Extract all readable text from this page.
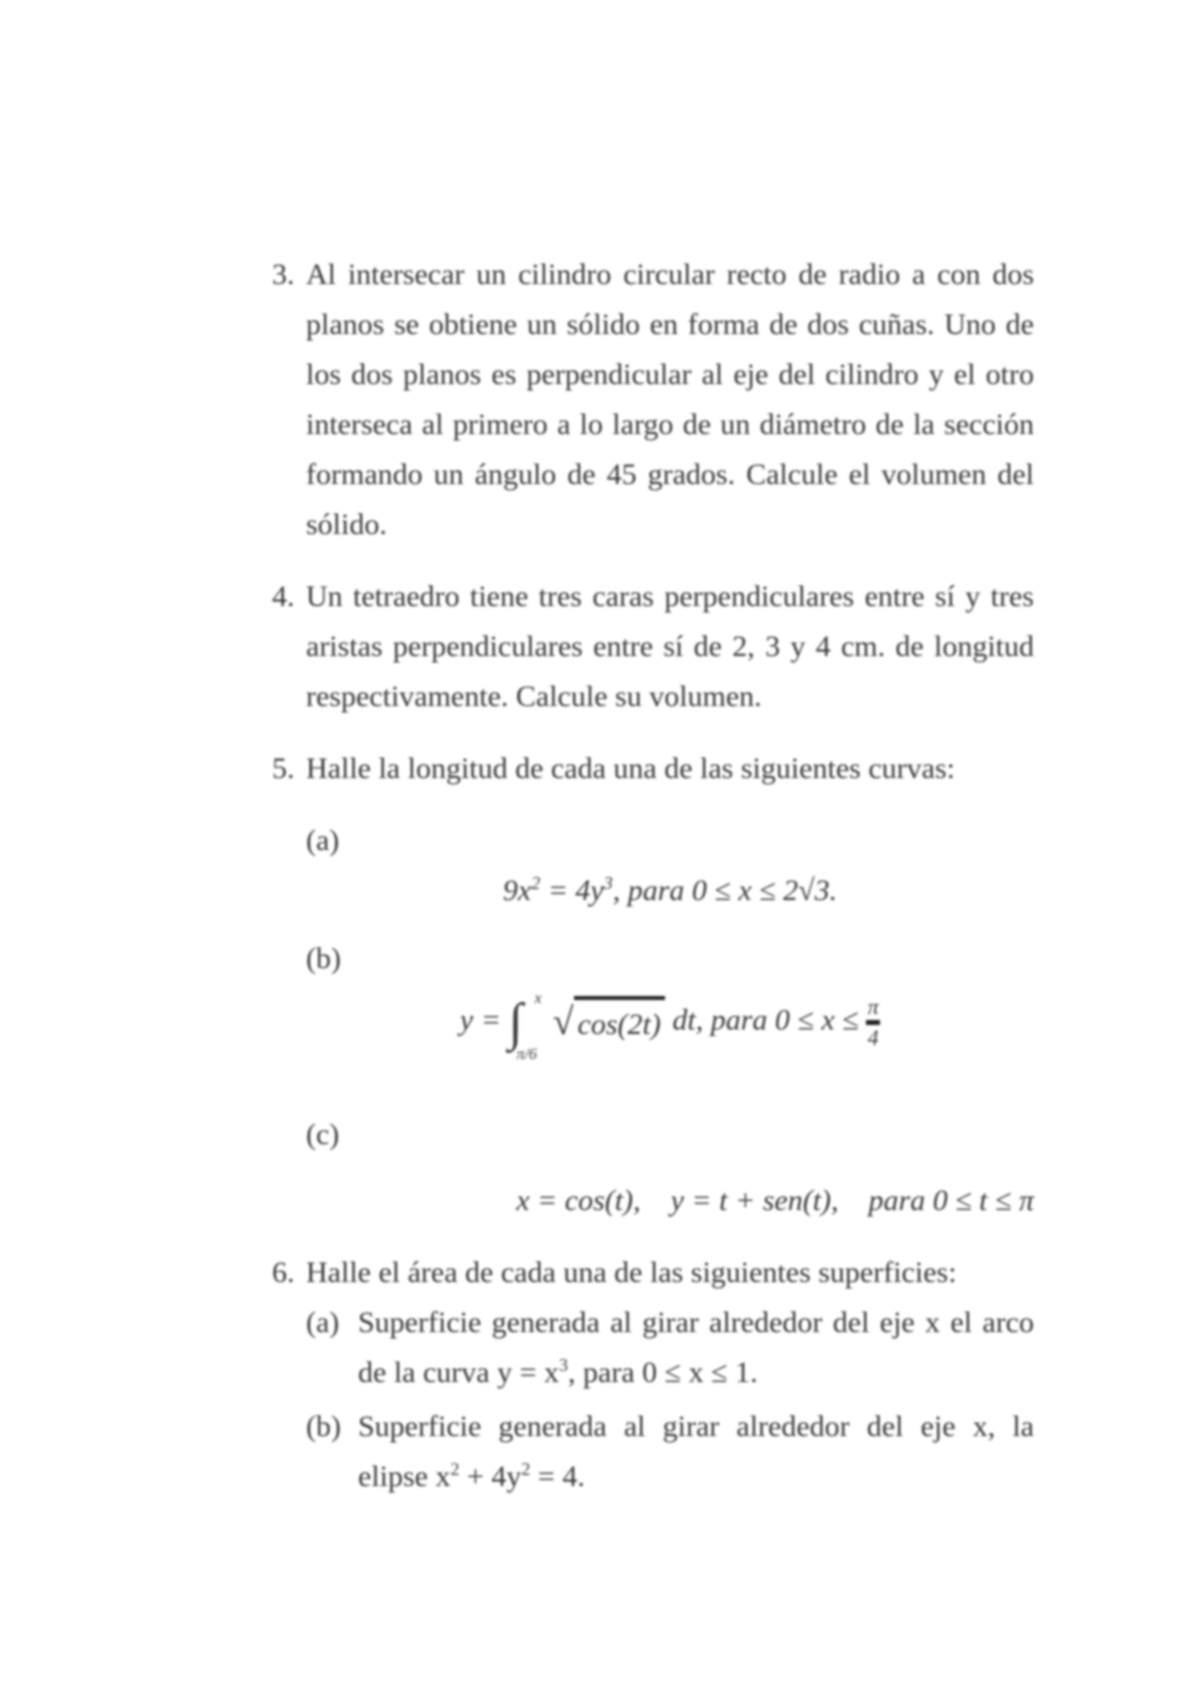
3. Al intersecar un cilindro circular recto de radio a con dos planos se obtiene un sólido en forma de dos cuñas. Uno de los dos planos es perpendicular al eje del cilindro y el otro interseca al primero a lo largo de un diámetro de la sección formando un ángulo de 45 grados. Calcule el volumen del sólido.
4. Un tetraedro tiene tres caras perpendiculares entre sí y tres aristas perpendiculares entre sí de 2, 3 y 4 cm. de longitud respectivamente. Calcule su volumen.
5. Halle la longitud de cada una de las siguientes curvas:
(a)
$9x^2 = 4y^3$, para 0 ≤ x ≤ 2√3.
(b)
y = ∫ x
π/6
√ cos(2t) dt, para 0 ≤ x ≤ π
4
(c)
x = cos(t),    y = t + sen(t),    para 0 ≤ t ≤ π
6. Halle el área de cada una de las siguientes superficies:
(a) Superficie generada al girar alrededor del eje x el arco de la curva $y = x^3$, para 0 ≤ x ≤ 1.
(b) Superficie generada al girar alrededor del eje x, la elipse $x^2 + 4y^2 = 4$.
